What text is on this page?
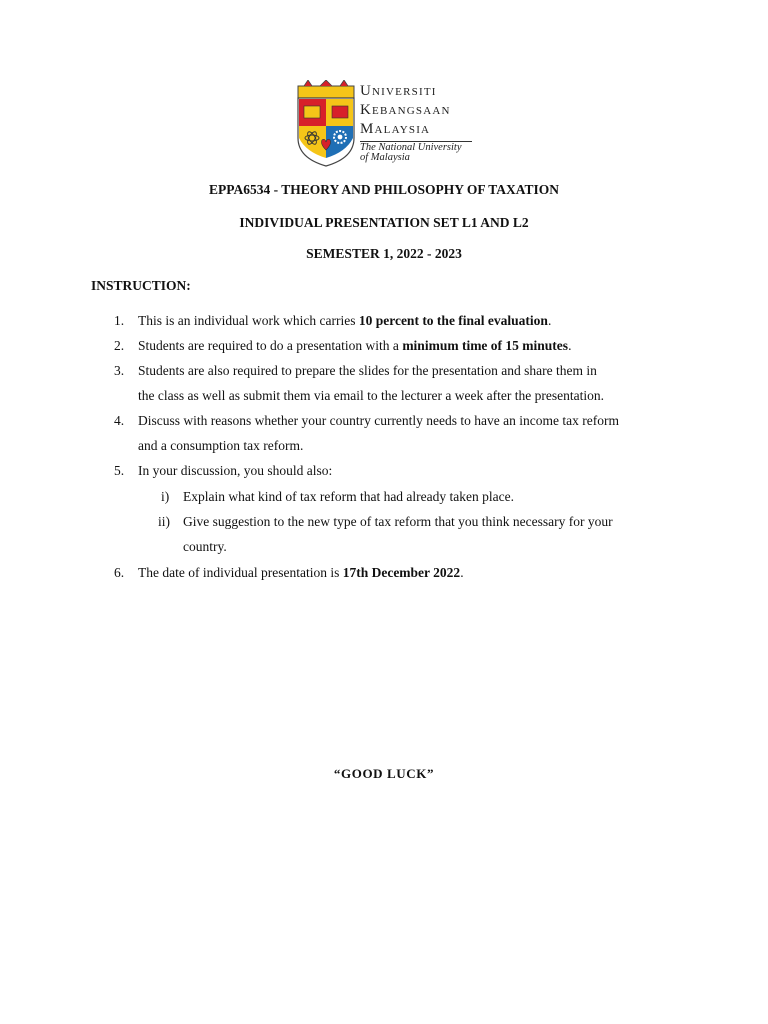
Universiti
Kebangsaan
Malaysia
The National University
of Malaysia
EPPA6534 - THEORY AND PHILOSOPHY OF TAXATION
INDIVIDUAL PRESENTATION SET L1 AND L2
SEMESTER 1, 2022 - 2023
INSTRUCTION:
1. This is an individual work which carries 10 percent to the final evaluation.
2. Students are required to do a presentation with a minimum time of 15 minutes.
3. Students are also required to prepare the slides for the presentation and share them in
the class as well as submit them via email to the lecturer a week after the presentation.
4. Discuss with reasons whether your country currently needs to have an income tax reform
and a consumption tax reform.
5. In your discussion, you should also:
i) Explain what kind of tax reform that had already taken place.
ii) Give suggestion to the new type of tax reform that you think necessary for your
country.
6. The date of individual presentation is 17th December 2022.
“GOOD LUCK”
